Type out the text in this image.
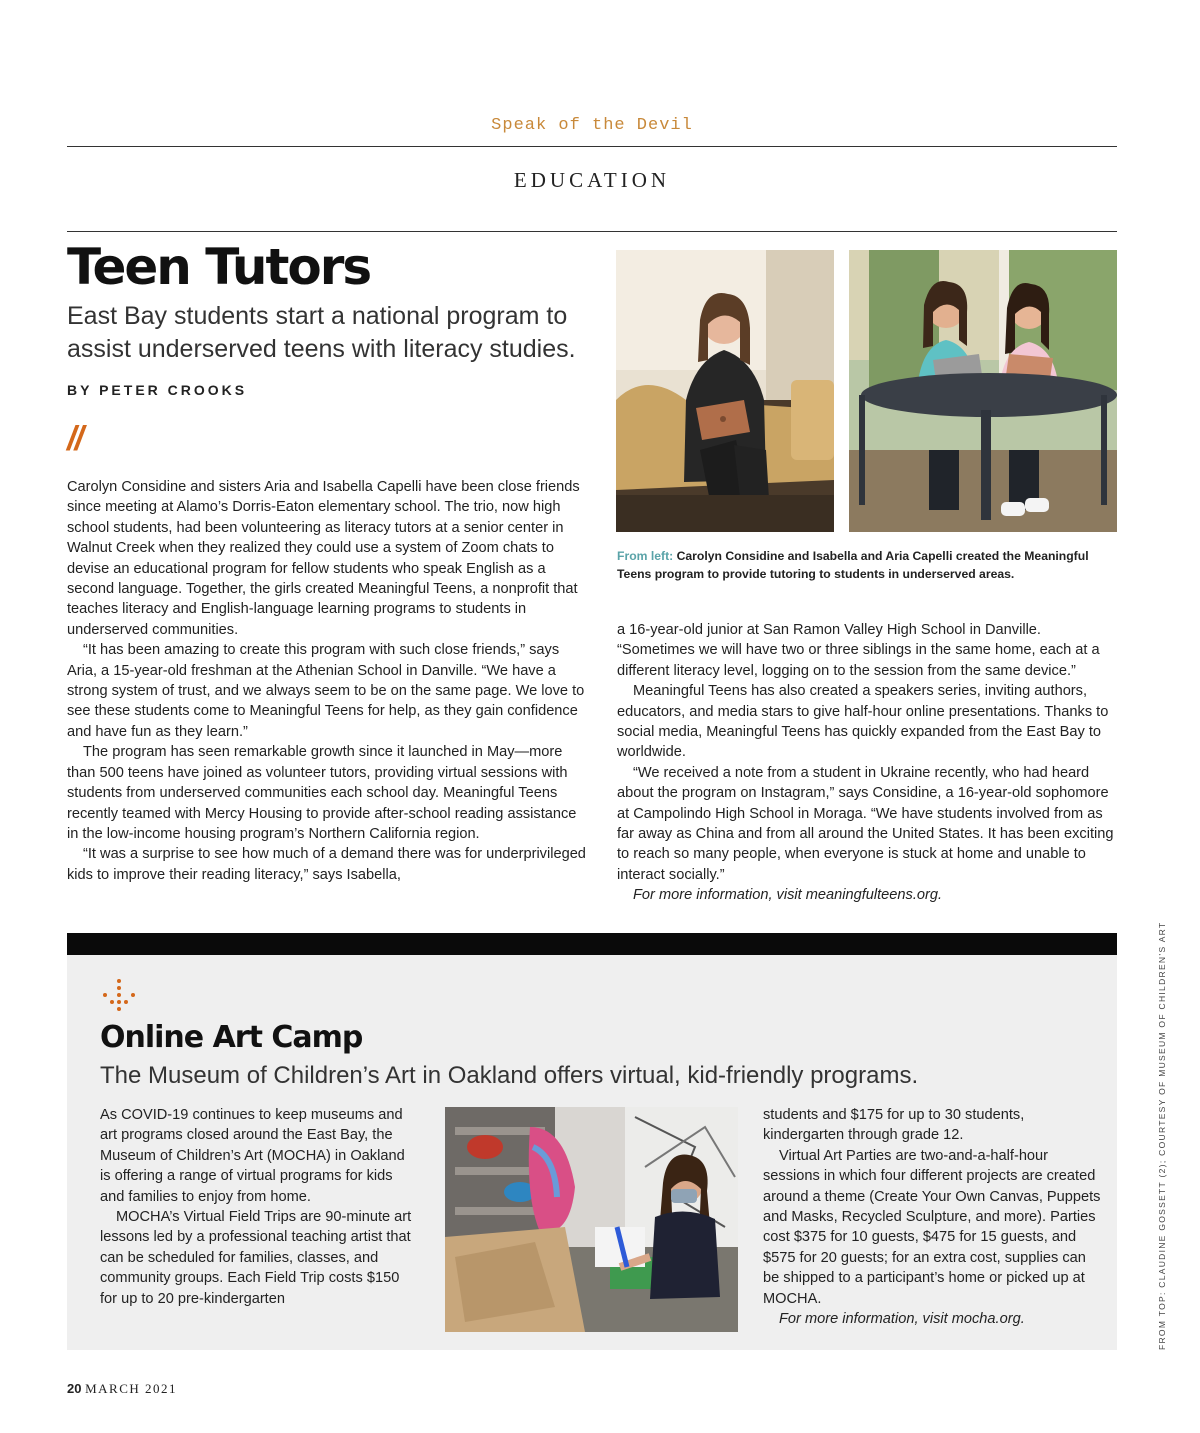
Speak of the Devil
EDUCATION
Teen Tutors
East Bay students start a national program to assist underserved teens with literacy studies.
BY PETER CROOKS
//

Carolyn Considine and sisters Aria and Isabella Capelli have been close friends since meeting at Alamo’s Dorris-Eaton elementary school. The trio, now high school students, had been volunteering as literacy tutors at a senior center in Walnut Creek when they realized they could use a system of Zoom chats to devise an educational program for fellow students who speak English as a second language. Together, the girls created Meaningful Teens, a nonprofit that teaches literacy and English-language learning programs to students in underserved communities.

“It has been amazing to create this program with such close friends,” says Aria, a 15-year-old freshman at the Athenian School in Danville. “We have a strong system of trust, and we always seem to be on the same page. We love to see these students come to Meaningful Teens for help, as they gain confidence and have fun as they learn.”

The program has seen remarkable growth since it launched in May—more than 500 teens have joined as volunteer tutors, providing virtual sessions with students from underserved communities each school day. Meaningful Teens recently teamed with Mercy Housing to provide after-school reading assistance in the low-income housing program’s Northern California region.

“It was a surprise to see how much of a demand there was for underprivileged kids to improve their reading literacy,” says Isabella,

From left: Carolyn Considine and Isabella and Aria Capelli created the Meaningful Teens program to provide tutoring to students in underserved areas.

a 16-year-old junior at San Ramon Valley High School in Danville. “Sometimes we will have two or three siblings in the same home, each at a different literacy level, logging on to the session from the same device.”

Meaningful Teens has also created a speakers series, inviting authors, educators, and media stars to give half-hour online presentations. Thanks to social media, Meaningful Teens has quickly expanded from the East Bay to worldwide.

“We received a note from a student in Ukraine recently, who had heard about the program on Instagram,” says Considine, a 16-year-old sophomore at Campolindo High School in Moraga. “We have students involved from as far away as China and from all around the United States. It has been exciting to reach so many people, when everyone is stuck at home and unable to interact socially.”

For more information, visit meaningfulteens.org.

Online Art Camp
The Museum of Children’s Art in Oakland offers virtual, kid-friendly programs.

As COVID-19 continues to keep museums and art programs closed around the East Bay, the Museum of Children’s Art (MOCHA) in Oakland is offering a range of virtual programs for kids and families to enjoy from home.

MOCHA’s Virtual Field Trips are 90-minute art lessons led by a professional teaching artist that can be scheduled for families, classes, and community groups. Each Field Trip costs $150 for up to 20 pre-kindergarten

students and $175 for up to 30 students, kindergarten through grade 12.

Virtual Art Parties are two-and-a-half-hour sessions in which four different projects are created around a theme (Create Your Own Canvas, Puppets and Masks, Recycled Sculpture, and more). Parties cost $375 for 10 guests, $475 for 15 guests, and $575 for 20 guests; for an extra cost, supplies can be shipped to a participant’s home or picked up at MOCHA.

For more information, visit mocha.org.	FROM TOP: CLAUDINE GOSSETT (2); COURTESY OF MUSEUM OF CHILDREN’S ART
20 MARCH 2021
